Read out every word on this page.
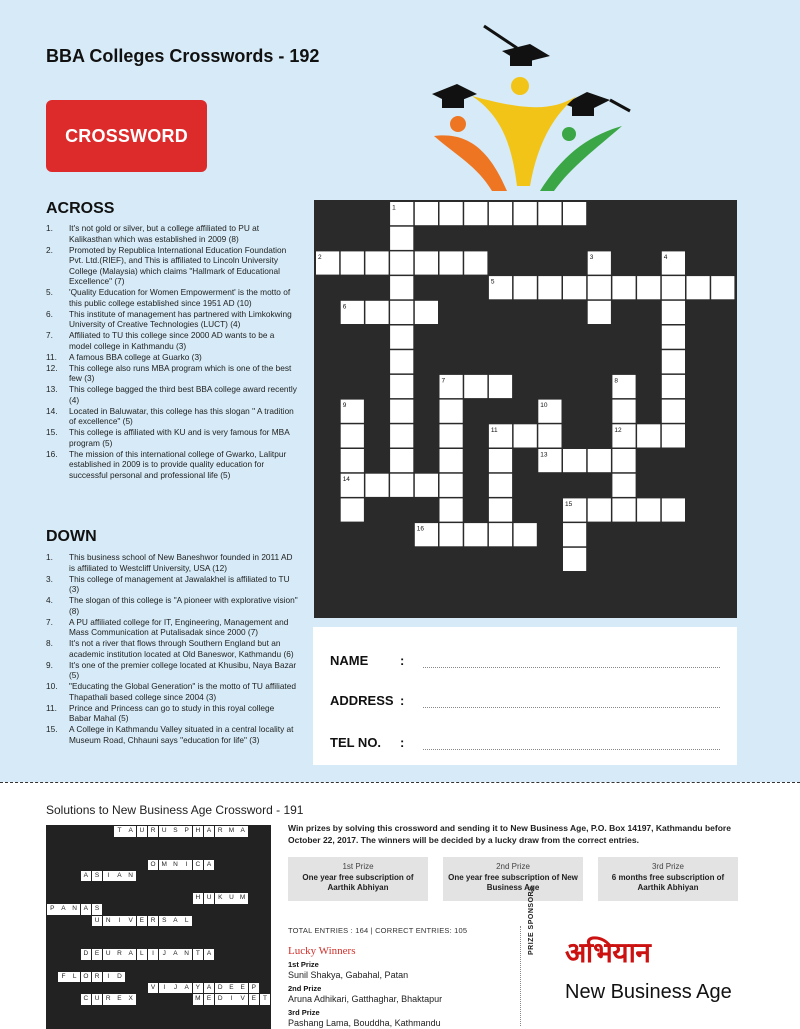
BBA Colleges Crosswords - 192
CROSSWORD
ACROSS
1.	It's not gold or silver, but a college affiliated to PU at Kalikasthan which was established in 2009 (8)
2.	Promoted by Republica International Education Foundation Pvt. Ltd.(RIEF), and This is affiliated to Lincoln University College (Malaysia) which claims "Hallmark of Educational Excellence" (7)
5.	'Quality Education for Women Empowerment' is the motto of this public college established since 1951 AD (10)
6.	This institute of management has partnered with Limkokwing University of Creative Technologies (LUCT) (4)
7.	Affiliated to TU this college since 2000 AD wants to be a model college in Kathmandu (3)
11.	A famous BBA college at Guarko (3)
12.	This college also runs MBA program which is one of the best few (3)
13.	This college bagged the third best BBA college award recently (4)
14.	Located in Baluwatar, this college has this slogan " A tradition of excellence" (5)
15.	This college is affiliated with KU and is very famous for MBA program (5)
16.	The mission of this international college of Gwarko, Lalitpur established in 2009 is to provide quality education for successful personal and professional life (5)
DOWN
1.	This business school of New Baneshwor founded in 2011 AD is affiliated to Westcliff University, USA (12)
3.	This college of management at Jawalakhel is affiliated to TU (3)
4.	The slogan of this college is "A pioneer with explorative vision" (8)
7.	A PU affiliated college for IT, Engineering, Management and Mass Communication at Putalisadak since 2000 (7)
8.	It's not a river that flows through Southern England but an academic institution located at Old Baneswor, Kathmandu (6)
9.	It's one of the premier college located at Khusibu, Naya Bazar (5)
10.	"Educating the Global Generation" is the motto of TU affiliated Thapathali based college since 2004 (3)
11.	Prince and Princess can go to study in this royal college Babar Mahal (5)
15.	A College in Kathmandu Valley situated in a central locality at Museum Road, Chhauni says "education for life" (3)
1
2	3	4
5
6
7	8
9	10
11	12
13
14
15
16
NAME	:
ADDRESS :
TEL NO.	:
Solutions to New Business Age Crossword - 191
T	A	U	R	U	S	P	H	A	R M A
A	S	I	A	N
O M N	I	C	A
P	A	N	A	S
U	N	I	V	E	R	S	A	L
D	E	U R	A	L	I	J	A	N	T	A
F	L	O R	I	D
V	I	J	A	Y	A	D	E	E	P
C	U	R	E	X	M E	D	I	V	E	T
H	U	K	U M
Win prizes by solving this crossword and sending it to New Business Age, P.O. Box 14197, Kathmandu before October 22, 2017. The winners will be decided by a lucky draw from the correct entries.
1st Prize
One year free subscription of Aarthik Abhiyan
2nd Prize
One year free subscription of New Business Age
3rd Prize
6 months free subscription of Aarthik Abhiyan
TOTAL ENTRIES : 164 | CORRECT ENTRIES: 105
Lucky Winners
1st Prize
Sunil Shakya, Gabahal, Patan
2nd Prize
Aruna Adhikari, Gatthaghar, Bhaktapur
3rd Prize
Pashang Lama, Bouddha, Kathmandu
PRIZE SPONSORS अभियान
New Business Age
